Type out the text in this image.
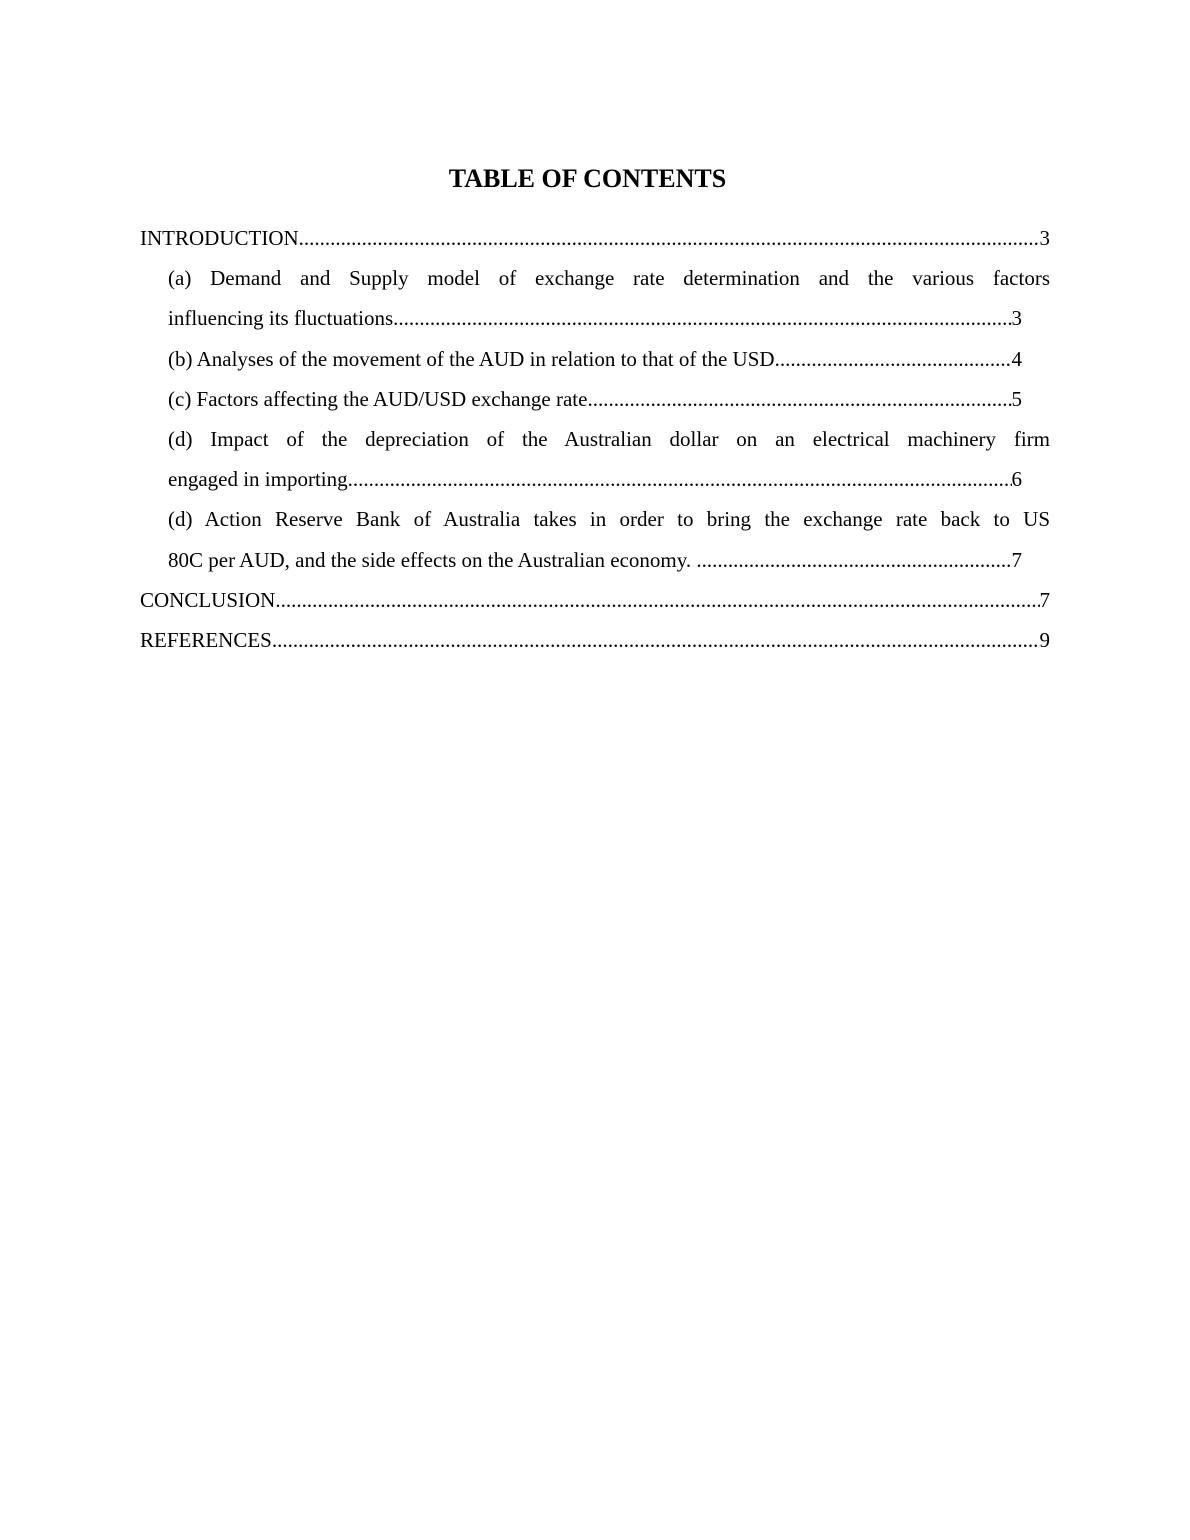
TABLE OF CONTENTS
INTRODUCTION .....	3
(a) Demand and Supply model of exchange rate determination and the various factors
influencing its fluctuations .....	3
(b) Analyses of the movement of the AUD in relation to that of the USD .....	4
(c) Factors affecting the AUD/USD exchange rate .....	5
(d) Impact of the depreciation of the Australian dollar on an electrical machinery firm
engaged in importing .....	6
(d) Action Reserve Bank of Australia takes in order to bring the exchange rate back to US
80C per AUD, and the side effects on the Australian economy. .....	7
CONCLUSION .....	7
REFERENCES .....	9
